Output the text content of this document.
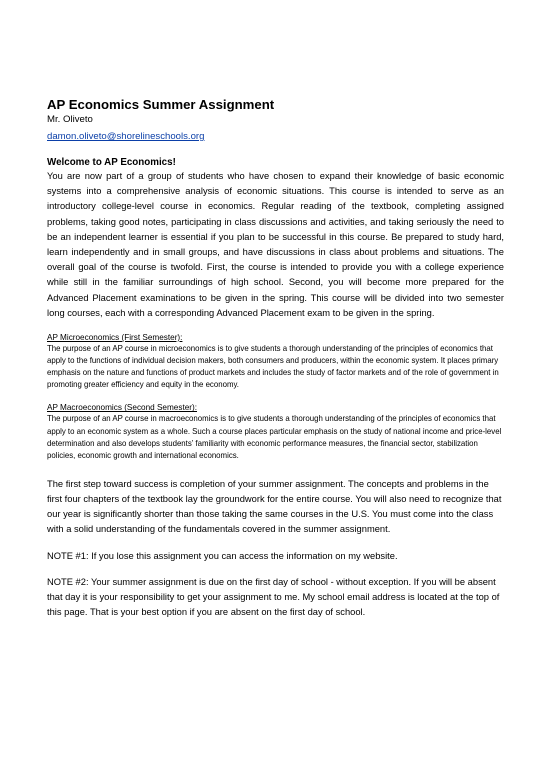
AP Economics Summer Assignment

Mr. Oliveto

damon.oliveto@shorelineschools.org

Welcome to AP Economics!

You are now part of a group of students who have chosen to expand their knowledge of basic economic systems into a comprehensive analysis of economic situations. This course is intended to serve as an introductory college-level course in economics. Regular reading of the textbook, completing assigned problems, taking good notes, participating in class discussions and activities, and taking seriously the need to be an independent learner is essential if you plan to be successful in this course. Be prepared to study hard, learn independently and in small groups, and have discussions in class about problems and situations. The overall goal of the course is twofold. First, the course is intended to provide you with a college experience while still in the familiar surroundings of high school. Second, you will become more prepared for the Advanced Placement examinations to be given in the spring. This course will be divided into two semester long courses, each with a corresponding Advanced Placement exam to be given in the spring.

AP Microeconomics (First Semester):

The purpose of an AP course in microeconomics is to give students a thorough understanding of the principles of economics that apply to the functions of individual decision makers, both consumers and producers, within the economic system. It places primary emphasis on the nature and functions of product markets and includes the study of factor markets and of the role of government in promoting greater efficiency and equity in the economy.

AP Macroeconomics (Second Semester):

The purpose of an AP course in macroeconomics is to give students a thorough understanding of the principles of economics that apply to an economic system as a whole. Such a course places particular emphasis on the study of national income and price-level determination and also develops students’ familiarity with economic performance measures, the financial sector, stabilization policies, economic growth and international economics.

The first step toward success is completion of your summer assignment. The concepts and problems in the first four chapters of the textbook lay the groundwork for the entire course. You will also need to recognize that our year is significantly shorter than those taking the same courses in the U.S. You must come into the class with a solid understanding of the fundamentals covered in the summer assignment.

NOTE #1: If you lose this assignment you can access the information on my website.

NOTE #2: Your summer assignment is due on the first day of school - without exception. If you will be absent that day it is your responsibility to get your assignment to me. My school email address is located at the top of this page. That is your best option if you are absent on the first day of school.
